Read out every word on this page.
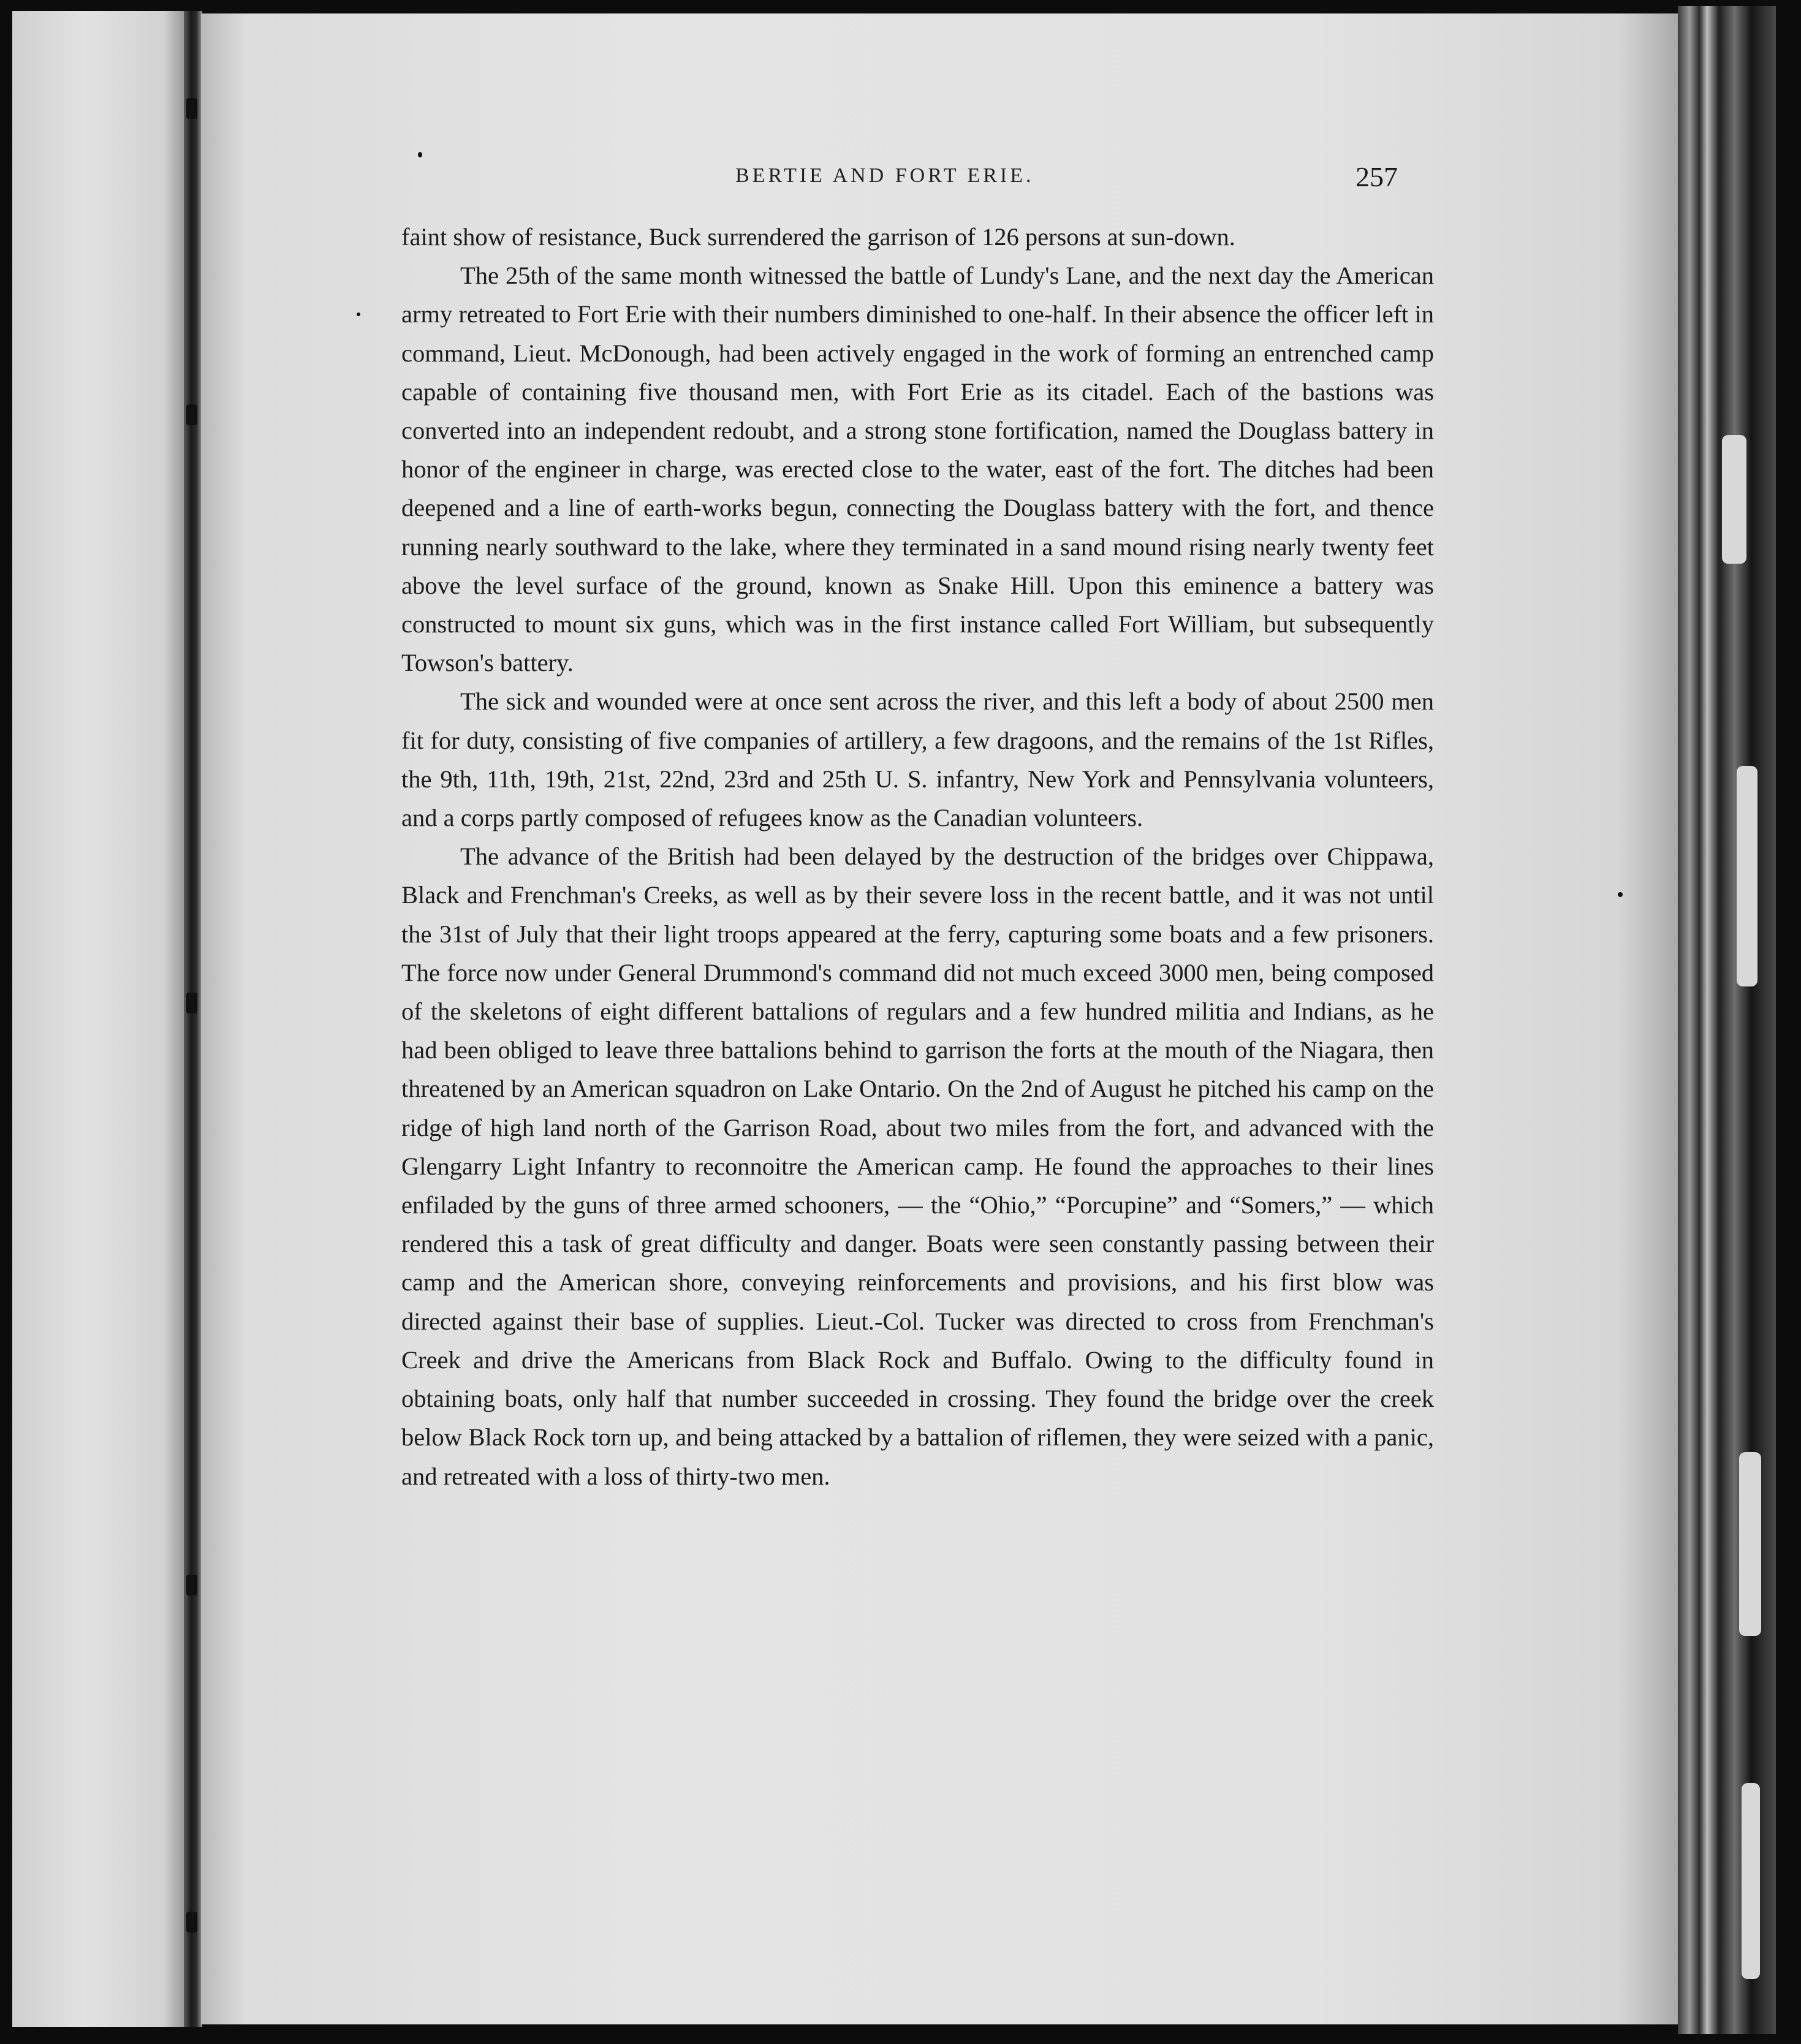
BERTIE AND FORT ERIE.	257

faint show of resistance, Buck surrendered the garrison of 126 persons at sun-down.

The 25th of the same month witnessed the battle of Lundy's Lane, and the next day the American army retreated to Fort Erie with their numbers diminished to one-half. In their absence the officer left in command, Lieut. McDonough, had been actively engaged in the work of forming an entrenched camp capable of containing five thousand men, with Fort Erie as its citadel. Each of the bastions was converted into an independent redoubt, and a strong stone fortification, named the Douglass battery in honor of the engineer in charge, was erected close to the water, east of the fort. The ditches had been deepened and a line of earth-works begun, connecting the Douglass battery with the fort, and thence running nearly southward to the lake, where they terminated in a sand mound rising nearly twenty feet above the level surface of the ground, known as Snake Hill. Upon this eminence a battery was constructed to mount six guns, which was in the first instance called Fort William, but subsequently Towson's battery.

The sick and wounded were at once sent across the river, and this left a body of about 2500 men fit for duty, consisting of five companies of artillery, a few dragoons, and the remains of the 1st Rifles, the 9th, 11th, 19th, 21st, 22nd, 23rd and 25th U. S. infantry, New York and Pennsylvania volunteers, and a corps partly composed of refugees know as the Canadian volunteers.

The advance of the British had been delayed by the destruction of the bridges over Chippawa, Black and Frenchman's Creeks, as well as by their severe loss in the recent battle, and it was not until the 31st of July that their light troops appeared at the ferry, capturing some boats and a few prisoners. The force now under General Drummond's command did not much exceed 3000 men, being composed of the skeletons of eight different battalions of regulars and a few hundred militia and Indians, as he had been obliged to leave three battalions behind to garrison the forts at the mouth of the Niagara, then threatened by an American squadron on Lake Ontario. On the 2nd of August he pitched his camp on the ridge of high land north of the Garrison Road, about two miles from the fort, and advanced with the Glengarry Light Infantry to reconnoitre the American camp. He found the approaches to their lines enfiladed by the guns of three armed schooners, — the “Ohio,” “Porcupine” and “Somers,” — which rendered this a task of great difficulty and danger. Boats were seen constantly passing between their camp and the American shore, conveying reinforcements and provisions, and his first blow was directed against their base of supplies. Lieut.-Col. Tucker was directed to cross from Frenchman's Creek and drive the Americans from Black Rock and Buffalo. Owing to the difficulty found in obtaining boats, only half that number succeeded in crossing. They found the bridge over the creek below Black Rock torn up, and being attacked by a battalion of riflemen, they were seized with a panic, and retreated with a loss of thirty-two men.
